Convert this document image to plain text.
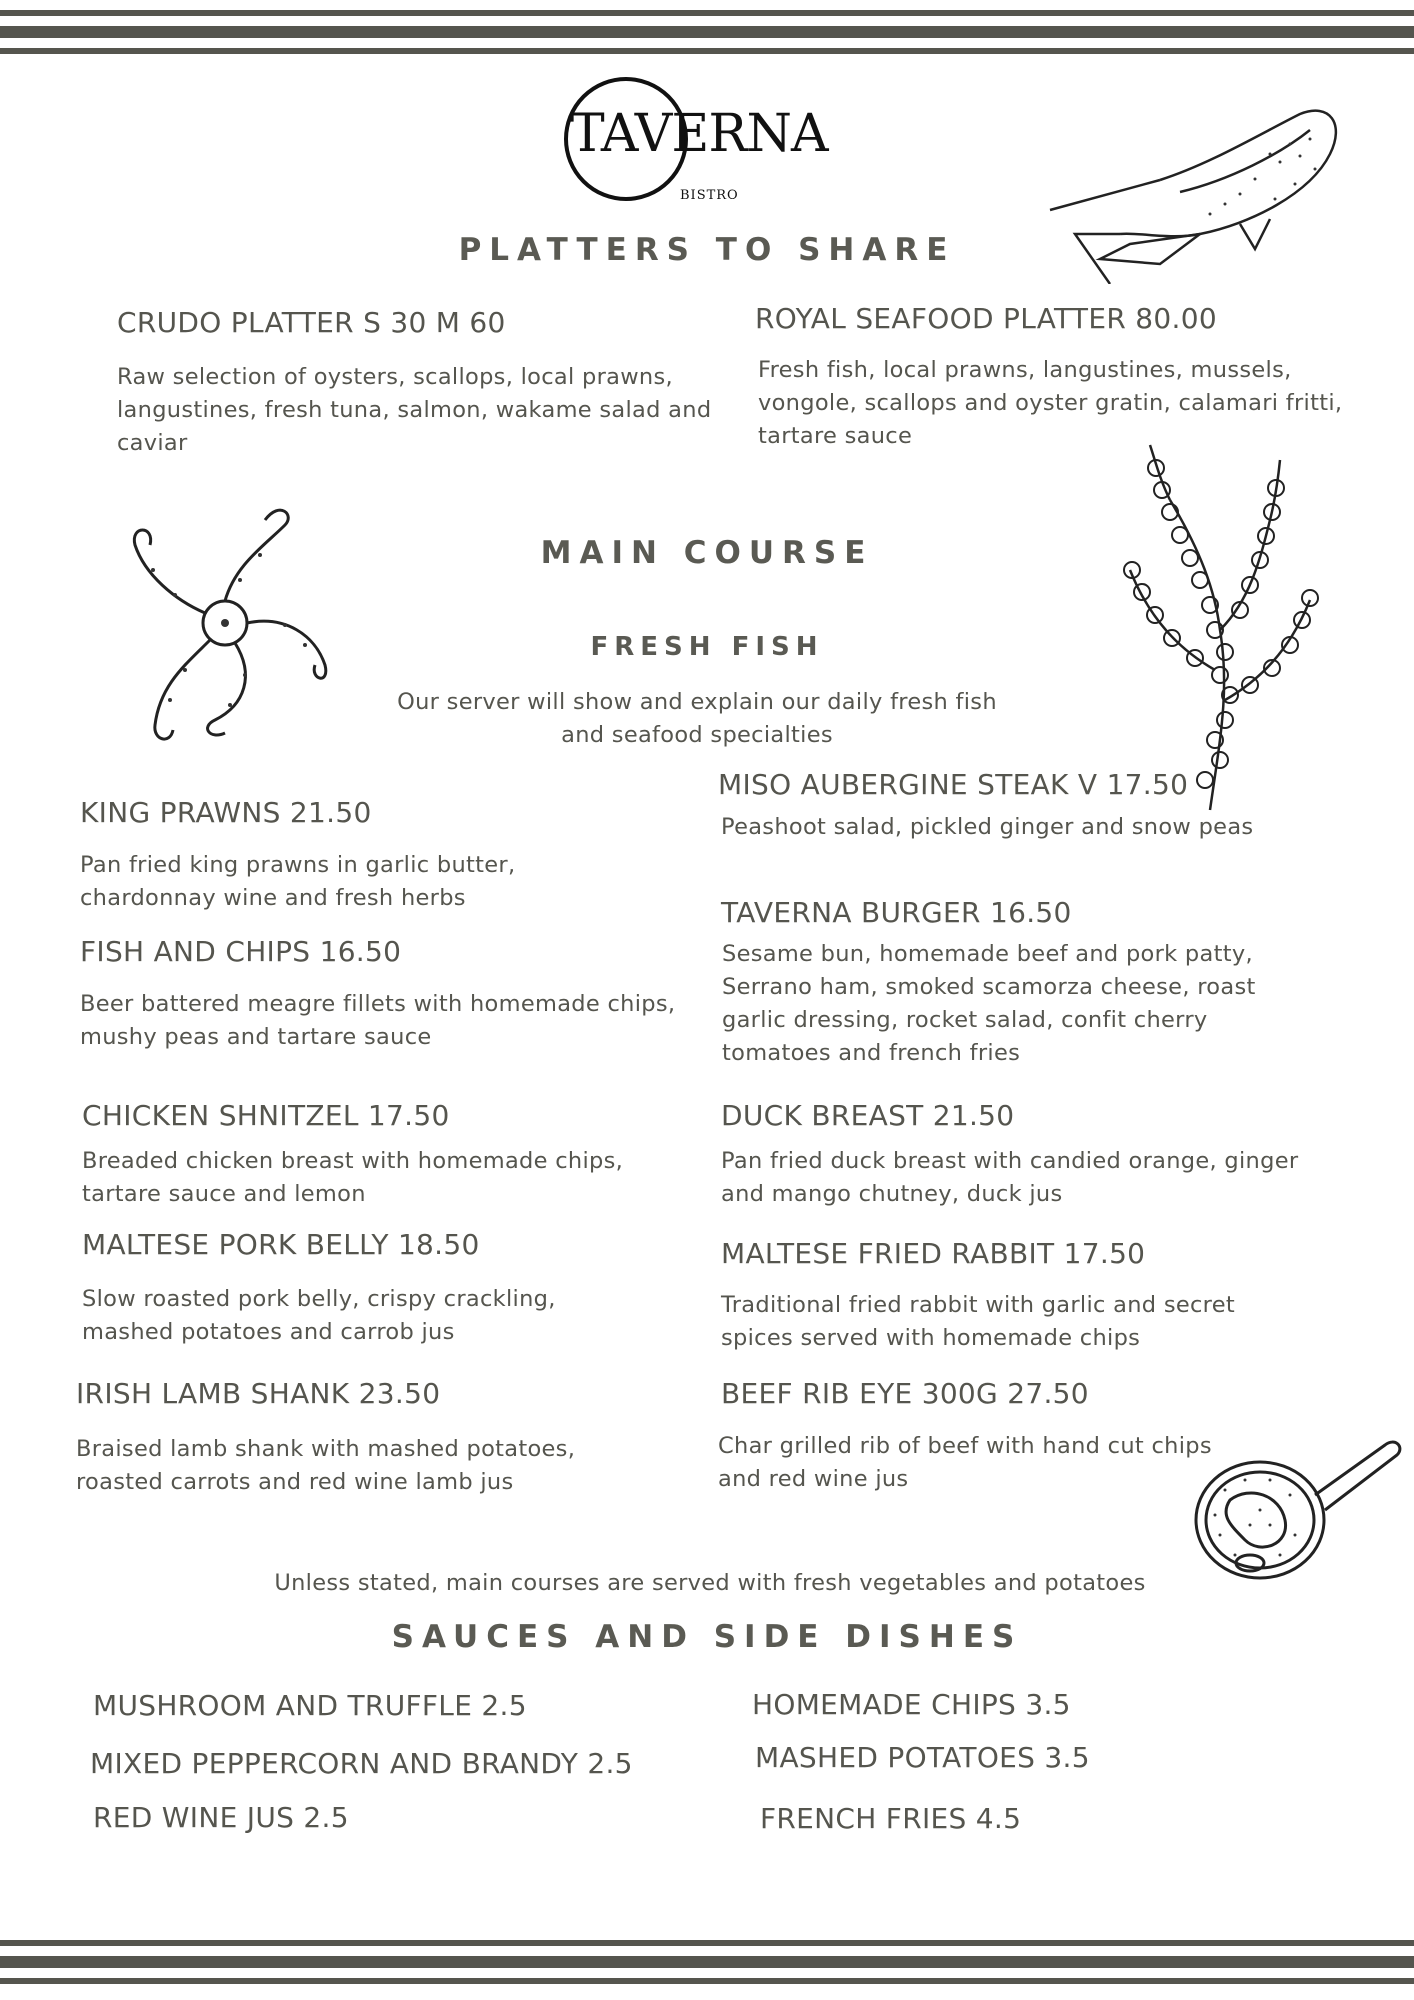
TAVERNA
BISTRO
PLATTERS TO SHARE
CRUDO PLATTER S 30 M 60
Raw selection of oysters, scallops, local prawns, langustines, fresh tuna, salmon, wakame salad and caviar
ROYAL SEAFOOD PLATTER 80.00
Fresh fish, local prawns, langustines, mussels, vongole, scallops and oyster gratin, calamari fritti, tartare sauce
MAIN COURSE
FRESH FISH
Our server will show and explain our daily fresh fish and seafood specialties
KING PRAWNS 21.50
Pan fried king prawns in garlic butter, chardonnay wine and fresh herbs
FISH AND CHIPS 16.50
Beer battered meagre fillets with homemade chips, mushy peas and tartare sauce
CHICKEN SHNITZEL 17.50
Breaded chicken breast with homemade chips, tartare sauce and lemon
MALTESE PORK BELLY 18.50
Slow roasted pork belly, crispy crackling, mashed potatoes and carrob jus
IRISH LAMB SHANK 23.50
Braised lamb shank with mashed potatoes, roasted carrots and red wine lamb jus
MISO AUBERGINE STEAK V 17.50
Peashoot salad, pickled ginger and snow peas
TAVERNA BURGER 16.50
Sesame bun, homemade beef and pork patty, Serrano ham, smoked scamorza cheese, roast garlic dressing, rocket salad, confit cherry tomatoes and french fries
DUCK BREAST 21.50
Pan fried duck breast with candied orange, ginger and mango chutney, duck jus
MALTESE FRIED RABBIT 17.50
Traditional fried rabbit with garlic and secret spices served with homemade chips
BEEF RIB EYE 300G 27.50
Char grilled rib of beef with hand cut chips and red wine jus
Unless stated, main courses are served with fresh vegetables and potatoes
SAUCES AND SIDE DISHES
MUSHROOM AND TRUFFLE 2.5
MIXED PEPPERCORN AND BRANDY 2.5
RED WINE JUS 2.5
HOMEMADE CHIPS 3.5
MASHED POTATOES 3.5
FRENCH FRIES 4.5
